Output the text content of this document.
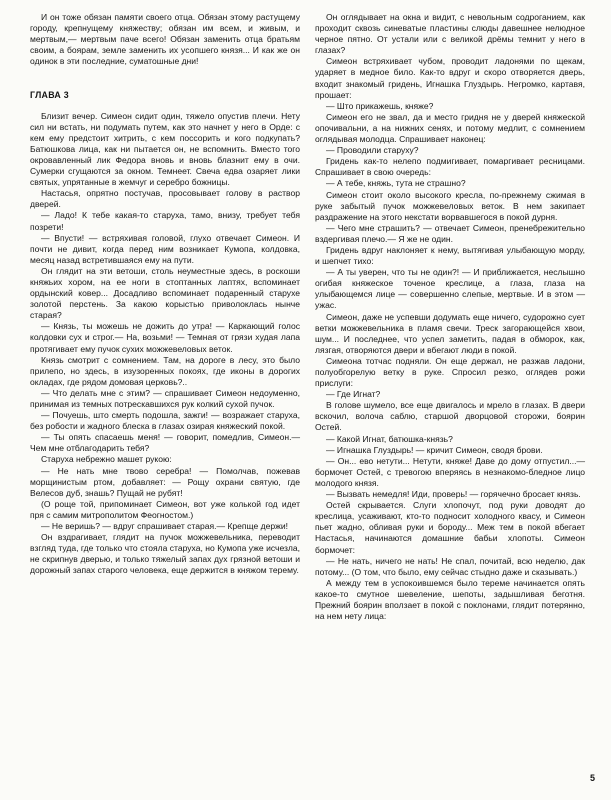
И он тоже обязан памяти своего отца. Обязан этому растущему городу, крепнущему княжеству; обязан им всем, и живым, и мертвым,— мертвым паче всего! Обязан заменить отца братьям своим, а боярам, земле заменить их усопшего князя... И как же он одинок в эти последние, суматошные дни!

ГЛАВА 3

Близит вечер. Симеон сидит один, тяжело опустив плечи. Нету сил ни встать, ни подумать путем, как это начнет у него в Орде: с кем ему предстоит хитрить, с кем поссорить и кого подкупать? Батюшкова лица, как ни пытается он, не вспомнить. Вместо того окровавленный лик Федора вновь и вновь блазнит ему в очи. Сумерки сгущаются за окном. Темнеет. Свеча едва озаряет лики святых, упрятанные в жемчуг и серебро божницы.

Настасья, опрятно постучав, просовывает голову в раствор дверей.

— Ладо! К тебе какая-то старуха, тамо, внизу, требует тебя позрети!

— Впусти! — встряхивая головой, глухо отвечает Симеон. И почти не дивит, когда перед ним возникает Кумопа, колдовка, месяц назад встретившаяся ему на пути.

Он глядит на эти ветоши, столь неуместные здесь, в роскоши княжьих хором, на ее ноги в стоптанных лаптях, вспоминает ордынский ковер... Досадливо вспоминает подаренный старухе золотой перстень. За какою корыстью приволоклась нынче старая?

— Князь, ты можешь не дожить до утра! — Каркающий голос колдовки сух и строг.— На, возьми! — Темная от грязи худая лапа протягивает ему пучок сухих можжевеловых веток.

Князь смотрит с сомнением. Там, на дороге в лесу, это было прилепо, но здесь, в изузоренных покоях, где иконы в дорогих окладах, где рядом домовая церковь?..

— Что делать мне с этим? — спрашивает Симеон недоуменно, принимая из темных потрескавшихся рук колкий сухой пучок.

— Почуешь, што смерть подошла, зажги! — возражает старуха, без робости и жадного блеска в глазах озирая княжеский покой.

— Ты опять спасаешь меня! — говорит, помедлив, Симеон.— Чем мне отблагодарить тебя?

Старуха небрежно машет рукою:

— Не нать мне твово серебра! — Помолчав, пожевав морщинистым ртом, добавляет: — Рощу охрани святую, где Велесов дуб, знашь? Пущай не рубят!

(О роще той, припоминает Симеон, вот уже колькой год идет пря с самим митрополитом Феогностом.)

— Не веришь? — вдруг спрашивает старая.— Крепще держи!

Он вздрагивает, глядит на пучок можжевельника, переводит взгляд туда, где только что стояла старуха, но Кумопа уже исчезла, не скрипнув дверью, и только тяжелый запах дух грязной ветоши и дорожный запах старого человека, еще держится в княжом терему.

Он оглядывает на окна и видит, с невольным содроганием, как проходит сквозь синеватые пластины слюды давешнее нелюдное черное пятно. От устали или с великой дрёмы темнит у него в глазах?

Симеон встряхивает чубом, проводит ладонями по щекам, ударяет в медное било. Как-то вдруг и скоро отворяется дверь, входит знакомый гридень, Игнашка Глуздырь. Негромко, картавя, прошает:

— Што прикажешь, княже?

Симеон его не звал, да и место гридня не у дверей княжеской опочивальни, а на нижних сенях, и потому медлит, с сомнением оглядывая молодца. Спрашивает наконец:

— Проводили старуху?

Гридень как-то нелепо подмигивает, помаргивает ресницами. Спрашивает в свою очередь:

— А тебе, княжь, тута не страшно?

Симеон стоит около высокого кресла, по-прежнему сжимая в руке забытый пучок можжевеловых веток. В нем закипает раздражение на этого некстати ворвавшегося в покой дурня.

— Чего мне страшить? — отвечает Симеон, пренебрежительно вздергивая плечо.— Я же не один.

Гридень вдруг наклоняет к нему, вытягивая улыбающую морду, и шепчет тихо:

— А ты уверен, что ты не один?! — И приближается, неслышно огибая княжеское точеное креслице, а глаза, глаза на улыбающемся лице — совершенно слепые, мертвые. И в этом — ужас.

Симеон, даже не успевши додумать еще ничего, судорожно сует ветки можжевельника в пламя свечи. Треск загорающейся хвои, шум... И последнее, что успел заметить, падая в обморок, как, лязгая, отворяются двери и вбегают люди в покой.

Симеона тотчас подняли. Он еще держал, не разжав ладони, полуобгорелую ветку в руке. Спросил резко, оглядев рожи прислуги:

— Где Игнат?

В голове шумело, все еще двигалось и мрело в глазах. В двери вскочил, волоча саблю, старшой дворцовой сторожи, боярин Остей.

— Какой Игнат, батюшка-князь?

— Игнашка Глуздырь! — кричит Симеон, сводя брови.

— Он... ево нетути... Нетути, княже! Даве до дому отпустил...— бормочет Остей, с тревогою вперяясь в незнакомо-бледное лицо молодого князя.

— Вызвать немедля! Иди, проверь! — горячечно бросает князь.

Остей скрывается. Слуги хлопочут, под руки доводят до креслица, усаживают, кто-то подносит холодного квасу, и Симеон пьет жадно, обливая руки и бороду... Меж тем в покой вбегает Настасья, начинаются домашние бабьи хлопоты. Симеон бормочет:

— Не нать, ничего не нать! Не спал, почитай, всю неделю, дак потому... (О том, что было, ему сейчас стыдно даже и сказывать.)

А между тем в успокоившемся было тереме начинается опять какое-то смутное шевеление, шепоты, задышливая беготня. Прежний боярин вползает в покой с поклонами, глядит потерянно, на нем нету лица:

5
